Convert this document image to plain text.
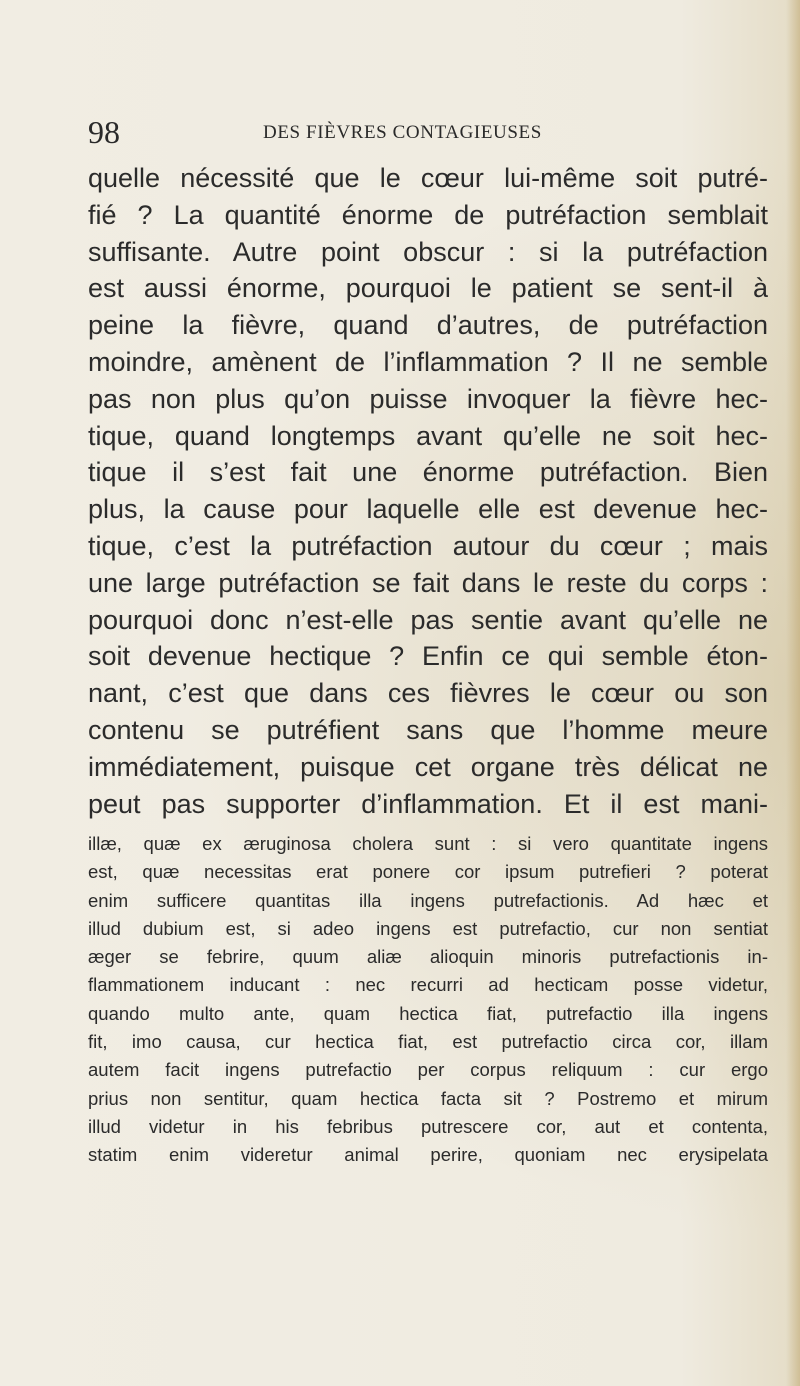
98	DES FIÈVRES CONTAGIEUSES
quelle nécessité que le cœur lui-même soit putré-
fié ? La quantité énorme de putréfaction semblait
suffisante. Autre point obscur : si la putréfaction
est aussi énorme, pourquoi le patient se sent-il à
peine la fièvre, quand d’autres, de putréfaction
moindre, amènent de l’inflammation ? Il ne semble
pas non plus qu’on puisse invoquer la fièvre hec-
tique, quand longtemps avant qu’elle ne soit hec-
tique il s’est fait une énorme putréfaction. Bien
plus, la cause pour laquelle elle est devenue hec-
tique, c’est la putréfaction autour du cœur ; mais
une large putréfaction se fait dans le reste du corps :
pourquoi donc n’est-elle pas sentie avant qu’elle ne
soit devenue hectique ? Enfin ce qui semble éton-
nant, c’est que dans ces fièvres le cœur ou son
contenu se putréfient sans que l’homme meure
immédiatement, puisque cet organe très délicat ne
peut pas supporter d’inflammation. Et il est mani-
illæ, quæ ex æruginosa cholera sunt : si vero quantitate ingens
est, quæ necessitas erat ponere cor ipsum putrefieri ? poterat
enim sufficere quantitas illa ingens putrefactionis. Ad hæc et
illud dubium est, si adeo ingens est putrefactio, cur non sentiat
æger se febrire, quum aliæ alioquin minoris putrefactionis in-
flammationem inducant : nec recurri ad hecticam posse videtur,
quando multo ante, quam hectica fiat, putrefactio illa ingens
fit, imo causa, cur hectica fiat, est putrefactio circa cor, illam
autem facit ingens putrefactio per corpus reliquum : cur ergo
prius non sentitur, quam hectica facta sit ? Postremo et mirum
illud videtur in his febribus putrescere cor, aut et contenta,
statim enim videretur animal perire, quoniam nec erysipelata
